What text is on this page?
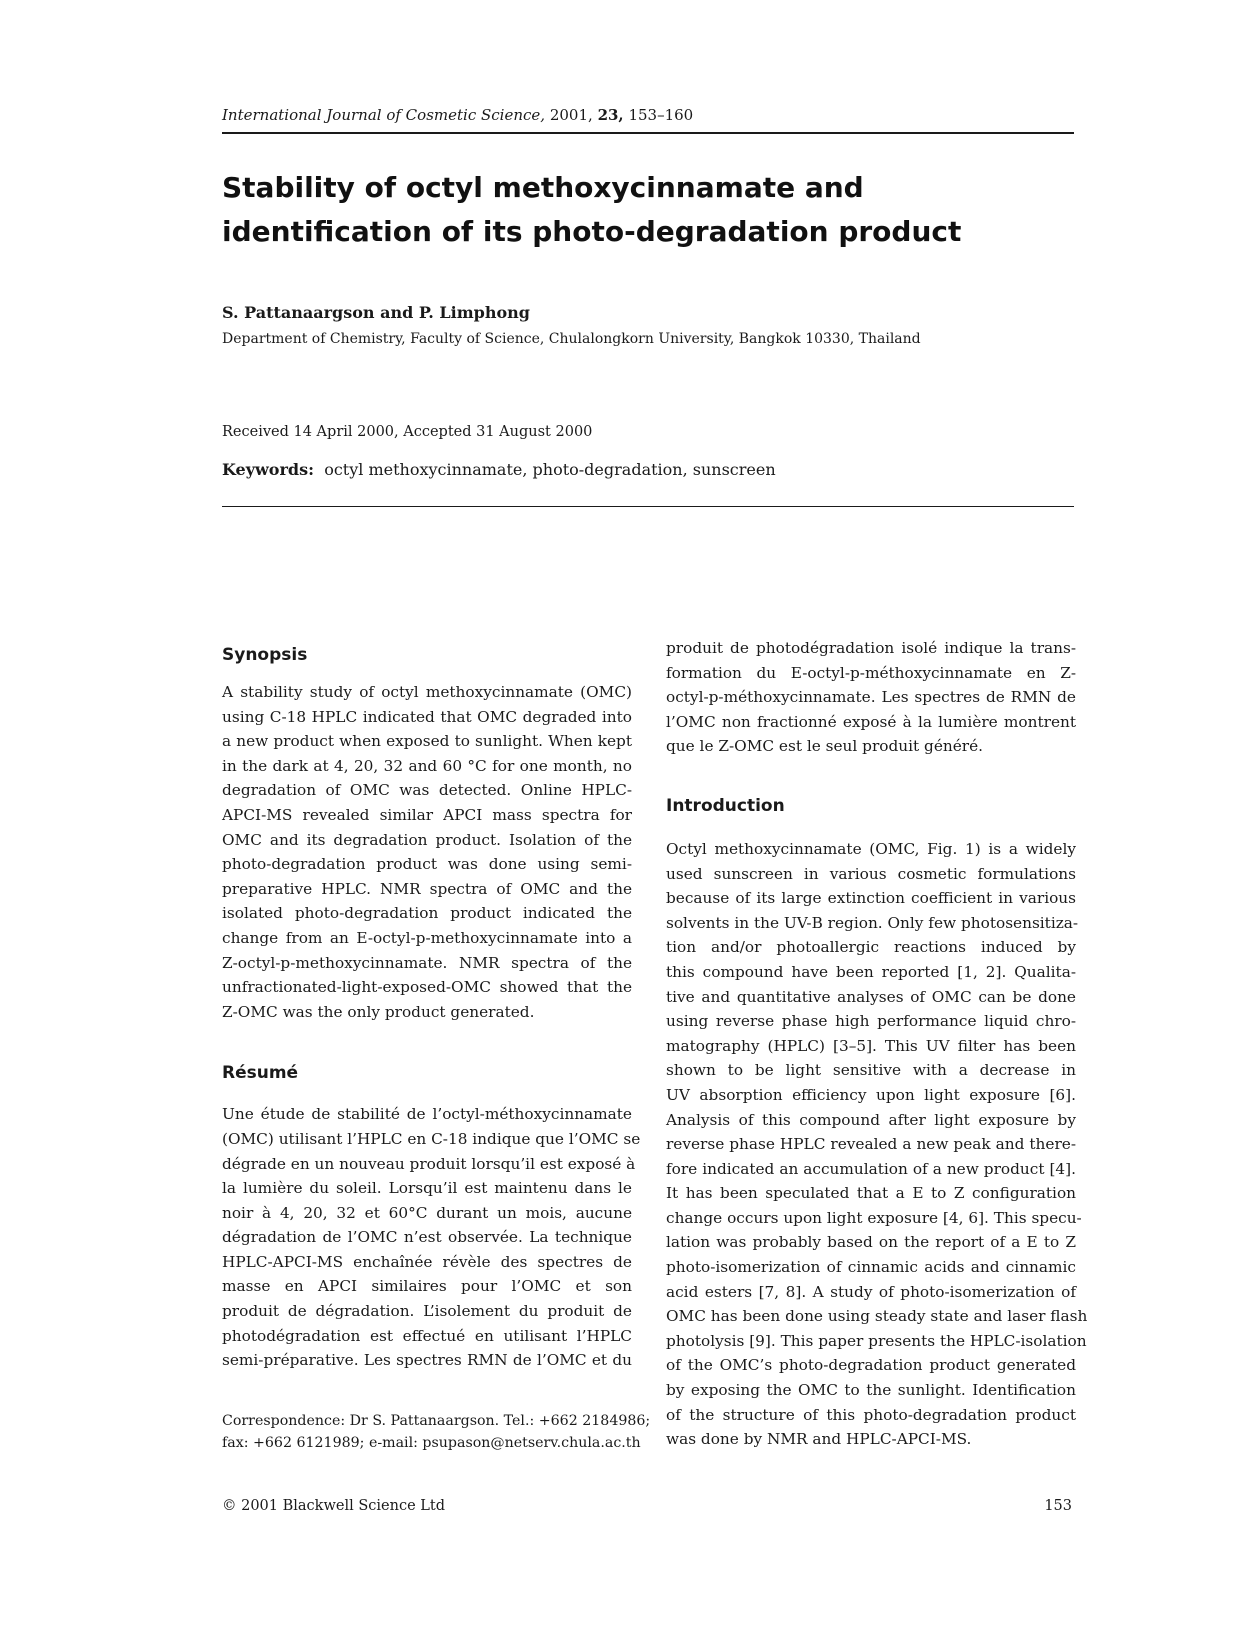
International Journal of Cosmetic Science, 2001, 23, 153–160
Stability of octyl methoxycinnamate and
identification of its photo-degradation product
S. Pattanaargson and P. Limphong
Department of Chemistry, Faculty of Science, Chulalongkorn University, Bangkok 10330, Thailand
Received 14 April 2000, Accepted 31 August 2000
Keywords: octyl methoxycinnamate, photo-degradation, sunscreen
Synopsis
A stability study of octyl methoxycinnamate (OMC)
using C-18 HPLC indicated that OMC degraded into
a new product when exposed to sunlight. When kept
in the dark at 4, 20, 32 and 60 °C for one month, no
degradation of OMC was detected. Online HPLC-
APCI-MS revealed similar APCI mass spectra for
OMC and its degradation product. Isolation of the
photo-degradation product was done using semi-
preparative HPLC. NMR spectra of OMC and the
isolated photo-degradation product indicated the
change from an E-octyl-p-methoxycinnamate into a
Z-octyl-p-methoxycinnamate. NMR spectra of the
unfractionated-light-exposed-OMC showed that the
Z-OMC was the only product generated.
Résumé
Une étude de stabilité de l’octyl-méthoxycinnamate
(OMC) utilisant l’HPLC en C-18 indique que l’OMC se
dégrade en un nouveau produit lorsqu’il est exposé à
la lumière du soleil. Lorsqu’il est maintenu dans le
noir à 4, 20, 32 et 60°C durant un mois, aucune
dégradation de l’OMC n’est observée. La technique
HPLC-APCI-MS enchaînée révèle des spectres de
masse en APCI similaires pour l’OMC et son
produit de dégradation. L’isolement du produit de
photodégradation est effectué en utilisant l’HPLC
semi-préparative. Les spectres RMN de l’OMC et du
Correspondence: Dr S. Pattanaargson. Tel.: +662 2184986;
fax: +662 6121989; e-mail: psupason@netserv.chula.ac.th
produit de photodégradation isolé indique la trans-
formation du E-octyl-p-méthoxycinnamate en Z-
octyl-p-méthoxycinnamate. Les spectres de RMN de
l’OMC non fractionné exposé à la lumière montrent
que le Z-OMC est le seul produit généré.
Introduction
Octyl methoxycinnamate (OMC, Fig. 1) is a widely
used sunscreen in various cosmetic formulations
because of its large extinction coefficient in various
solvents in the UV-B region. Only few photosensitiza-
tion and/or photoallergic reactions induced by
this compound have been reported [1, 2]. Qualita-
tive and quantitative analyses of OMC can be done
using reverse phase high performance liquid chro-
matography (HPLC) [3–5]. This UV filter has been
shown to be light sensitive with a decrease in
UV absorption efficiency upon light exposure [6].
Analysis of this compound after light exposure by
reverse phase HPLC revealed a new peak and there-
fore indicated an accumulation of a new product [4].
It has been speculated that a E to Z configuration
change occurs upon light exposure [4, 6]. This specu-
lation was probably based on the report of a E to Z
photo-isomerization of cinnamic acids and cinnamic
acid esters [7, 8]. A study of photo-isomerization of
OMC has been done using steady state and laser flash
photolysis [9]. This paper presents the HPLC-isolation
of the OMC’s photo-degradation product generated
by exposing the OMC to the sunlight. Identification
of the structure of this photo-degradation product
was done by NMR and HPLC-APCI-MS.
© 2001 Blackwell Science Ltd	153
